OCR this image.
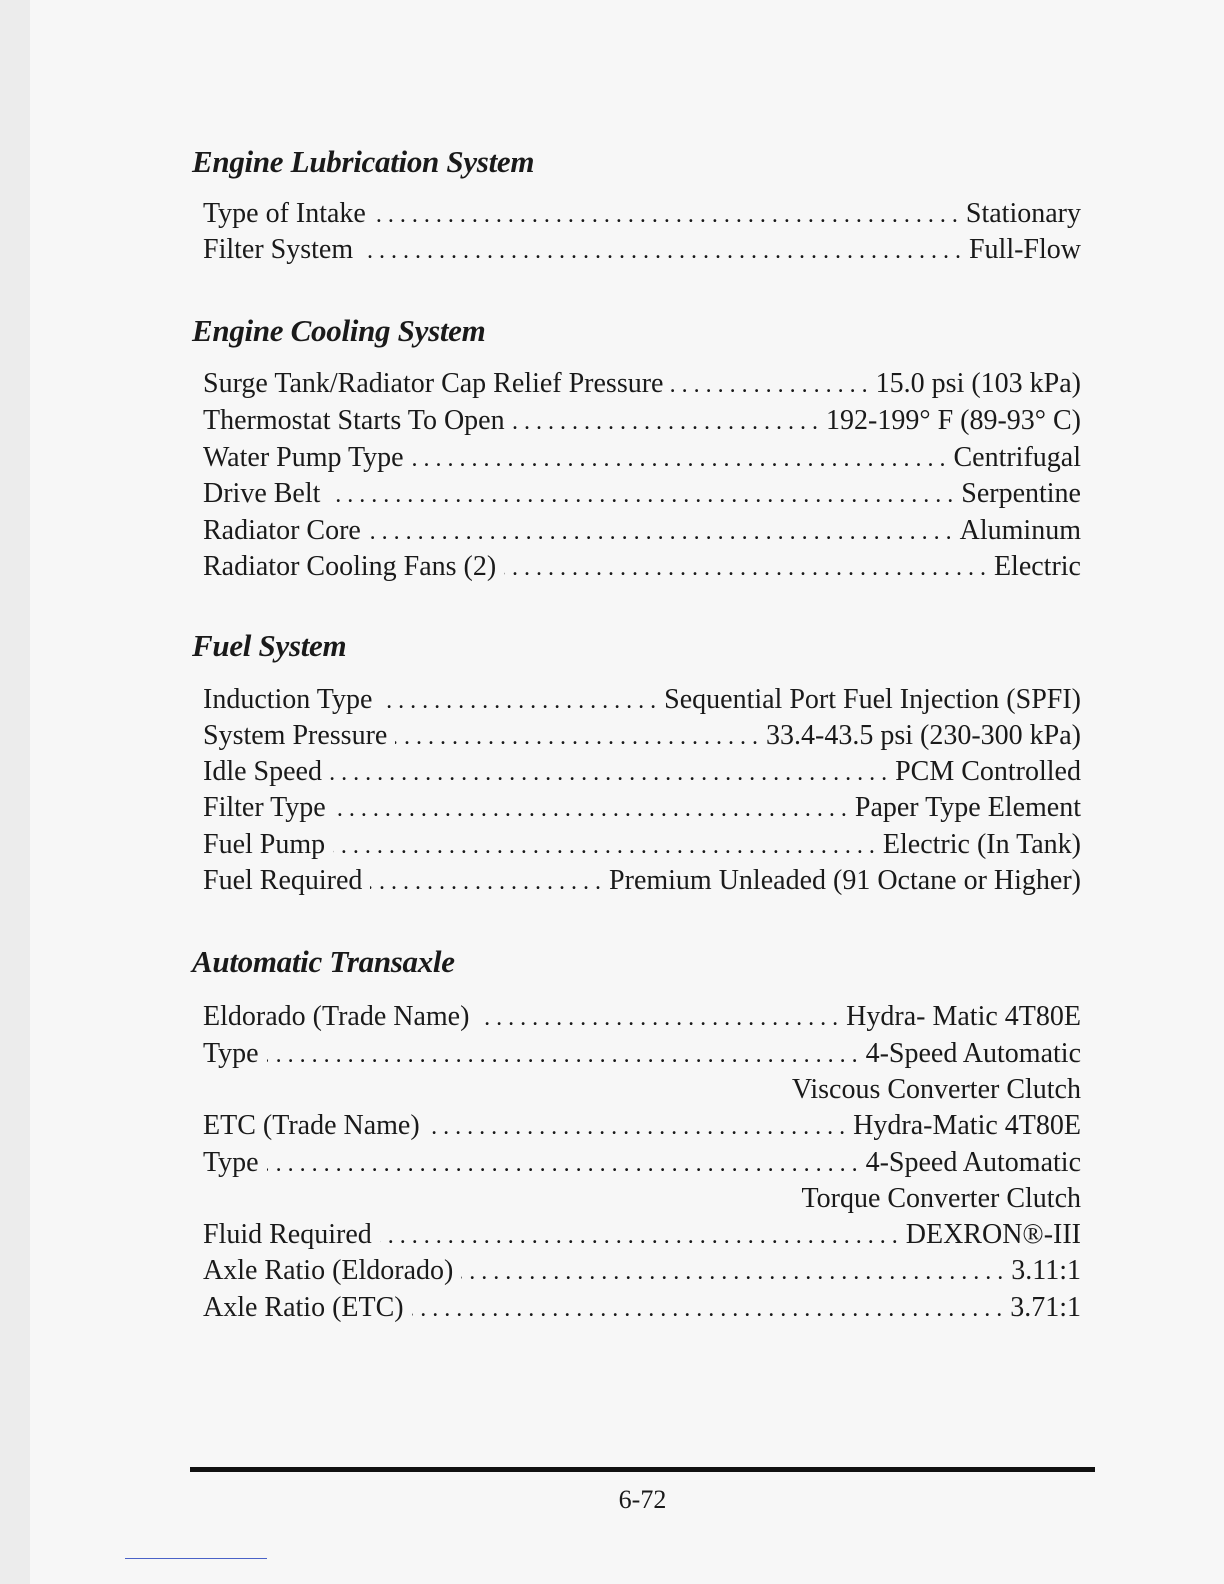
Engine Lubrication System
Type of Intake . . .	Stationary
Filter System . . .	Full-Flow
Engine Cooling System
Surge Tank/Radiator Cap Relief Pressure . . .	15.0 psi (103 kPa)
Thermostat Starts To Open . . .	192-199° F (89-93° C)
Water Pump Type . . .	Centrifugal
Drive Belt . . .	Serpentine
Radiator Core . . .	Aluminum
Radiator Cooling Fans (2) . . .	Electric
Fuel System
Induction Type . . .	Sequential Port Fuel Injection (SPFI)
System Pressure . . .	33.4-43.5 psi (230-300 kPa)
Idle Speed . . .	PCM Controlled
Filter Type . . .	Paper Type Element
Fuel Pump . . .	Electric (In Tank)
Fuel Required . . .	Premium Unleaded (91 Octane or Higher)
Automatic Transaxle
Eldorado (Trade Name) . . .	Hydra- Matic 4T80E
Type . . .	4-Speed Automatic
Viscous Converter Clutch
ETC (Trade Name) . . .	Hydra-Matic 4T80E
Type . . .	4-Speed Automatic
Torque Converter Clutch
Fluid Required . . .	DEXRON®-III
Axle Ratio (Eldorado) . . .	3.11:1
Axle Ratio (ETC) . . .	3.71:1
6-72
